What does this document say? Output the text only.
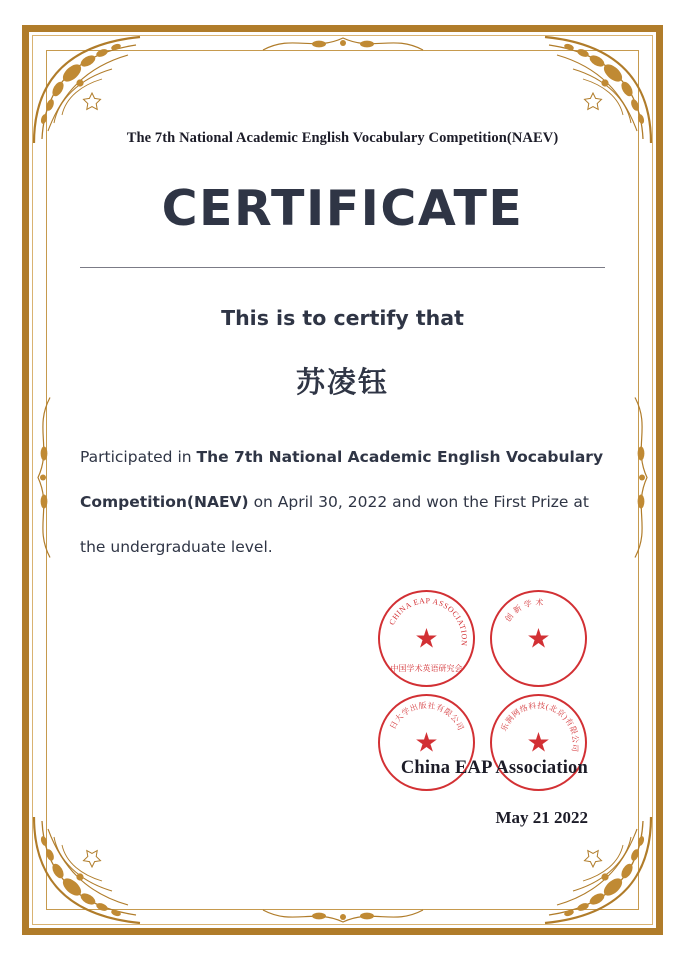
The 7th National Academic English Vocabulary Competition(NAEV)
CERTIFICATE
This is to certify that
苏凌钰
Participated in The 7th National Academic English Vocabulary Competition(NAEV) on April 30, 2022 and won the First Prize at the undergraduate level.
CHINA EAP ASSOCIATION
★
中国学术英语研究会
创 新 学 术
★
日大学出版社有限公司
★
乐涧网络科技(北京)有限公司
★
China EAP Association
May 21 2022
